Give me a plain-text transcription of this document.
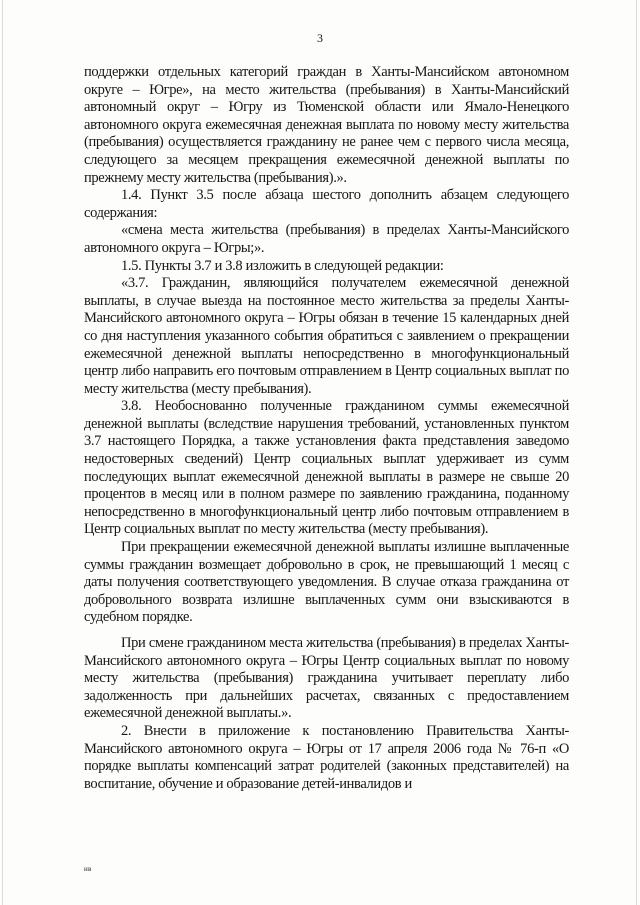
3

поддержки отдельных категорий граждан в Ханты-Мансийском автономном округе – Югре», на место жительства (пребывания) в Ханты-Мансийский автономный округ – Югру из Тюменской области или Ямало-Ненецкого автономного округа ежемесячная денежная выплата по новому месту жительства (пребывания) осуществляется гражданину не ранее чем с первого числа месяца, следующего за месяцем прекращения ежемесячной денежной выплаты по прежнему месту жительства (пребывания).».

1.4. Пункт 3.5 после абзаца шестого дополнить абзацем следующего содержания:

«смена места жительства (пребывания) в пределах Ханты-Мансийского автономного округа – Югры;».

1.5. Пункты 3.7 и 3.8 изложить в следующей редакции:

«3.7. Гражданин, являющийся получателем ежемесячной денежной выплаты, в случае выезда на постоянное место жительства за пределы Ханты-Мансийского автономного округа – Югры обязан в течение 15 календарных дней со дня наступления указанного события обратиться с заявлением о прекращении ежемесячной денежной выплаты непосредственно в многофункциональный центр либо направить его почтовым отправлением в Центр социальных выплат по месту жительства (месту пребывания).

3.8. Необоснованно полученные гражданином суммы ежемесячной денежной выплаты (вследствие нарушения требований, установленных пунктом 3.7 настоящего Порядка, а также установления факта представления заведомо недостоверных сведений) Центр социальных выплат удерживает из сумм последующих выплат ежемесячной денежной выплаты в размере не свыше 20 процентов в месяц или в полном размере по заявлению гражданина, поданному непосредственно в многофункциональный центр либо почтовым отправлением в Центр социальных выплат по месту жительства (месту пребывания).

При прекращении ежемесячной денежной выплаты излишне выплаченные суммы гражданин возмещает добровольно в срок, не превышающий 1 месяц с даты получения соответствующего уведомления. В случае отказа гражданина от добровольного возврата излишне выплаченных сумм они взыскиваются в судебном порядке.

При смене гражданином места жительства (пребывания) в пределах Ханты-Мансийского автономного округа – Югры Центр социальных выплат по новому месту жительства (пребывания) гражданина учитывает переплату либо задолженность при дальнейших расчетах, связанных с предоставлением ежемесячной денежной выплаты.».

2. Внести в приложение к постановлению Правительства Ханты-Мансийского автономного округа – Югры от 17 апреля 2006 года № 76-п «О порядке выплаты компенсаций затрат родителей (законных представителей) на воспитание, обучение и образование детей-инвалидов и

нв
